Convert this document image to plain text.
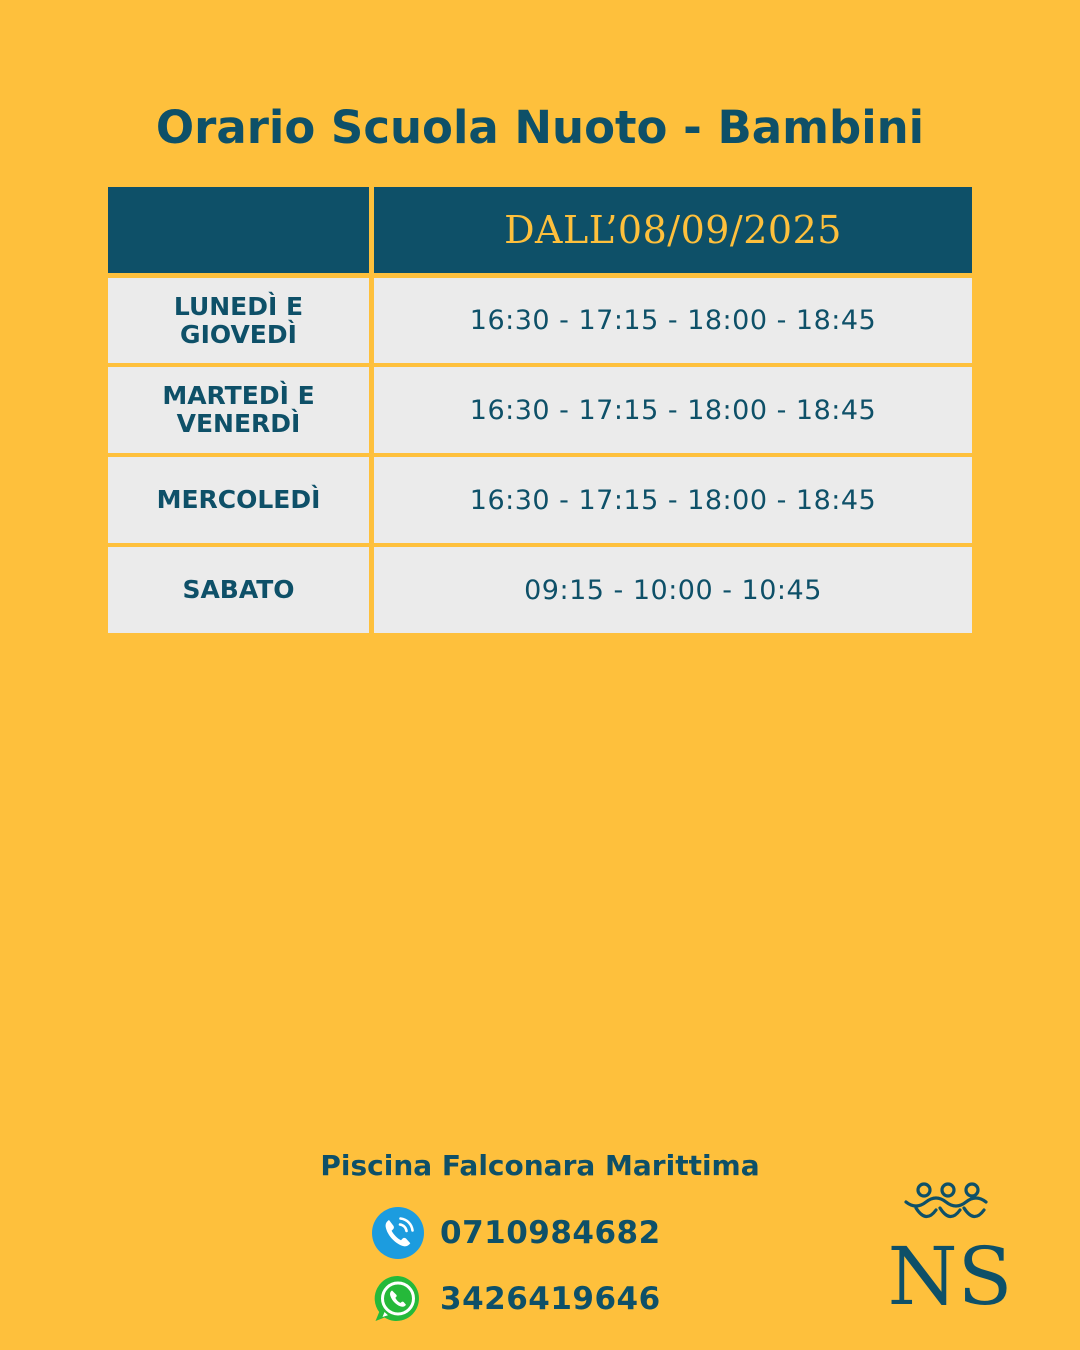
Orario Scuola Nuoto - Bambini
	DALL’08/09/2025
LUNEDÌ E GIOVEDÌ	16:30 - 17:15 - 18:00 - 18:45
MARTEDÌ E VENERDÌ	16:30 - 17:15 - 18:00 - 18:45
MERCOLEDÌ	16:30 - 17:15 - 18:00 - 18:45
SABATO	09:15 - 10:00 - 10:45
Piscina Falconara Marittima
0710984682
3426419646	NS
